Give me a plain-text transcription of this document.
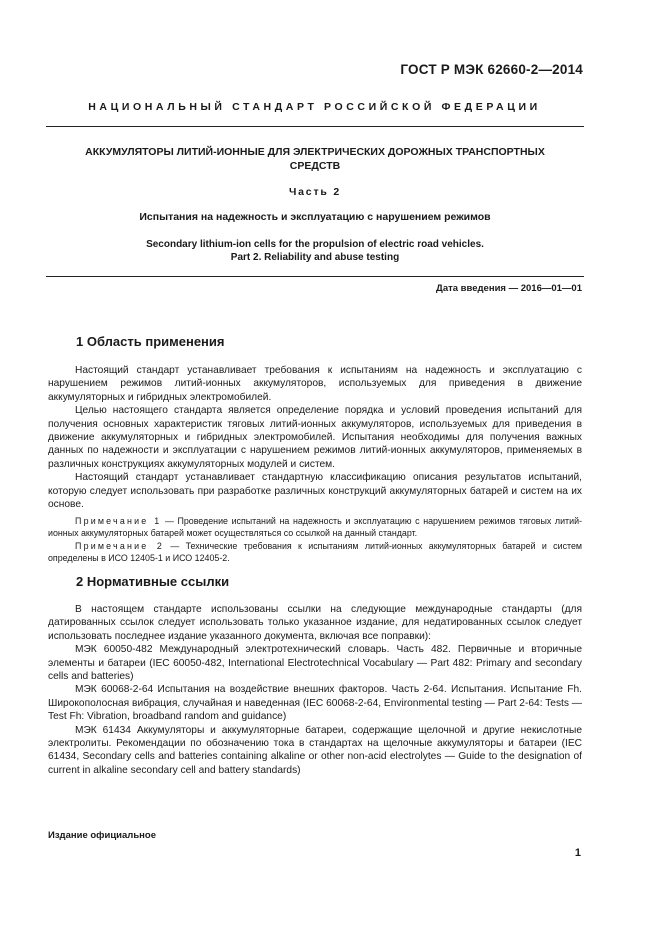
ГОСТ Р МЭК 62660-2—2014
НАЦИОНАЛЬНЫЙ СТАНДАРТ РОССИЙСКОЙ ФЕДЕРАЦИИ
АККУМУЛЯТОРЫ ЛИТИЙ-ИОННЫЕ ДЛЯ ЭЛЕКТРИЧЕСКИХ ДОРОЖНЫХ ТРАНСПОРТНЫХ СРЕДСТВ
Часть 2
Испытания на надежность и эксплуатацию с нарушением режимов
Secondary lithium-ion cells for the propulsion of electric road vehicles.
Part 2. Reliability and abuse testing
Дата введения — 2016—01—01
1 Область применения

Настоящий стандарт устанавливает требования к испытаниям на надежность и эксплуатацию с нарушением режимов литий-ионных аккумуляторов, используемых для приведения в движение аккумуляторных и гибридных электромобилей.

Целью настоящего стандарта является определение порядка и условий проведения испытаний для получения основных характеристик тяговых литий-ионных аккумуляторов, используемых для приведения в движение аккумуляторных и гибридных электромобилей. Испытания необходимы для получения важных данных по надежности и эксплуатации с нарушением режимов литий-ионных аккумуляторов, применяемых в различных конструкциях аккумуляторных модулей и систем.

Настоящий стандарт устанавливает стандартную классификацию описания результатов испытаний, которую следует использовать при разработке различных конструкций аккумуляторных батарей и систем на их основе.

Примечание 1 — Проведение испытаний на надежность и эксплуатацию с нарушением режимов тяговых литий-ионных аккумуляторных батарей может осуществляться со ссылкой на данный стандарт.

Примечание 2 — Технические требования к испытаниям литий-ионных аккумуляторных батарей и систем определены в ИСО 12405-1 и ИСО 12405-2.

2 Нормативные ссылки

В настоящем стандарте использованы ссылки на следующие международные стандарты (для датированных ссылок следует использовать только указанное издание, для недатированных ссылок следует использовать последнее издание указанного документа, включая все поправки):

МЭК 60050-482 Международный электротехнический словарь. Часть 482. Первичные и вторичные элементы и батареи (IEC 60050-482, International Electrotechnical Vocabulary — Part 482: Primary and secondary cells and batteries)

МЭК 60068-2-64 Испытания на воздействие внешних факторов. Часть 2-64. Испытания. Испытание Fh. Широкополосная вибрация, случайная и наведенная (IEC 60068-2-64, Environmental testing — Part 2-64: Tests — Test Fh: Vibration, broadband random and guidance)

МЭК 61434 Аккумуляторы и аккумуляторные батареи, содержащие щелочной и другие некислотные электролиты. Рекомендации по обозначению тока в стандартах на щелочные аккумуляторы и батареи (IEC 61434, Secondary cells and batteries containing alkaline or other non-acid electrolytes — Guide to the designation of current in alkaline secondary cell and battery standards)

Издание официальное
1
